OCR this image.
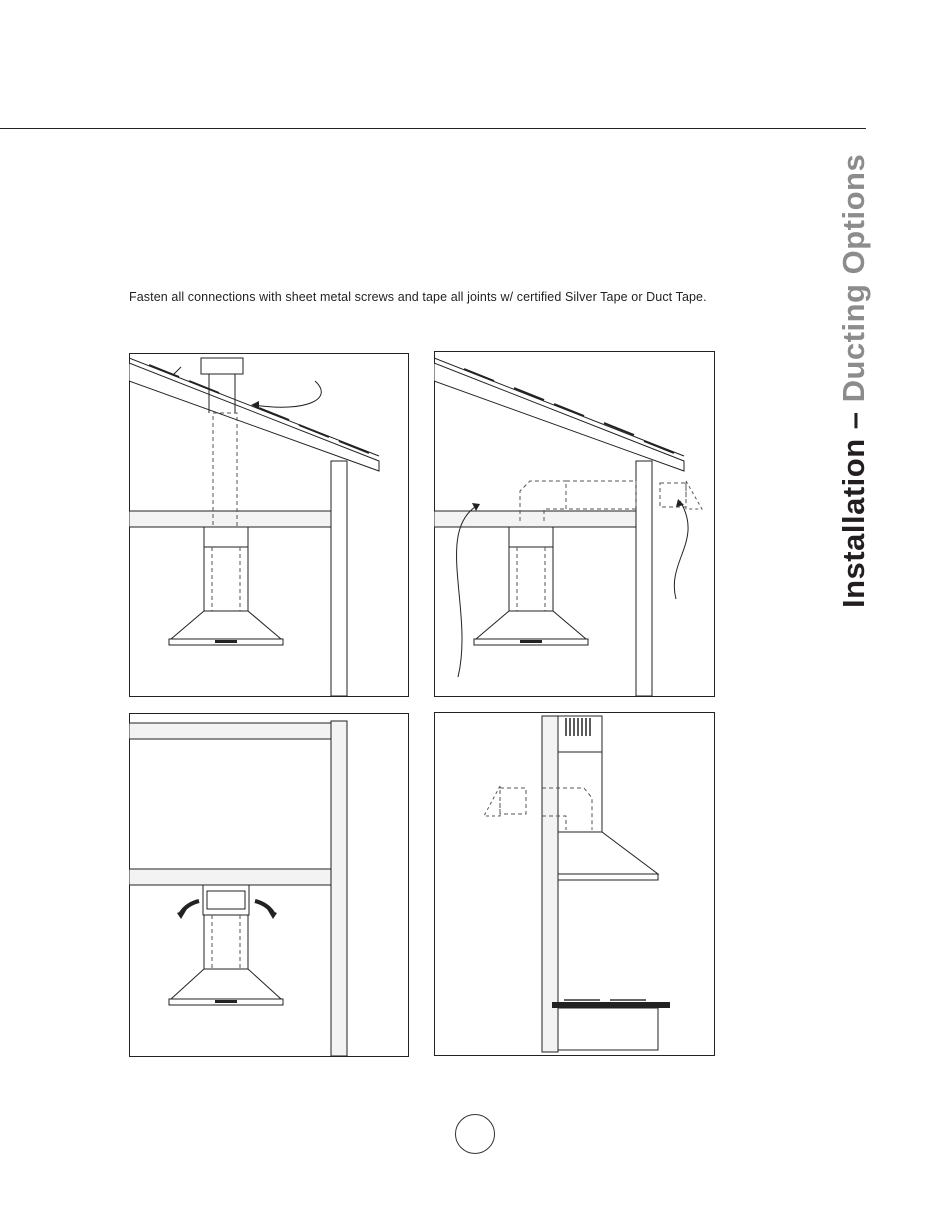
Installation – Ducting Options
Fasten all connections with sheet metal screws and tape all joints w/ certified Silver Tape or Duct Tape.
